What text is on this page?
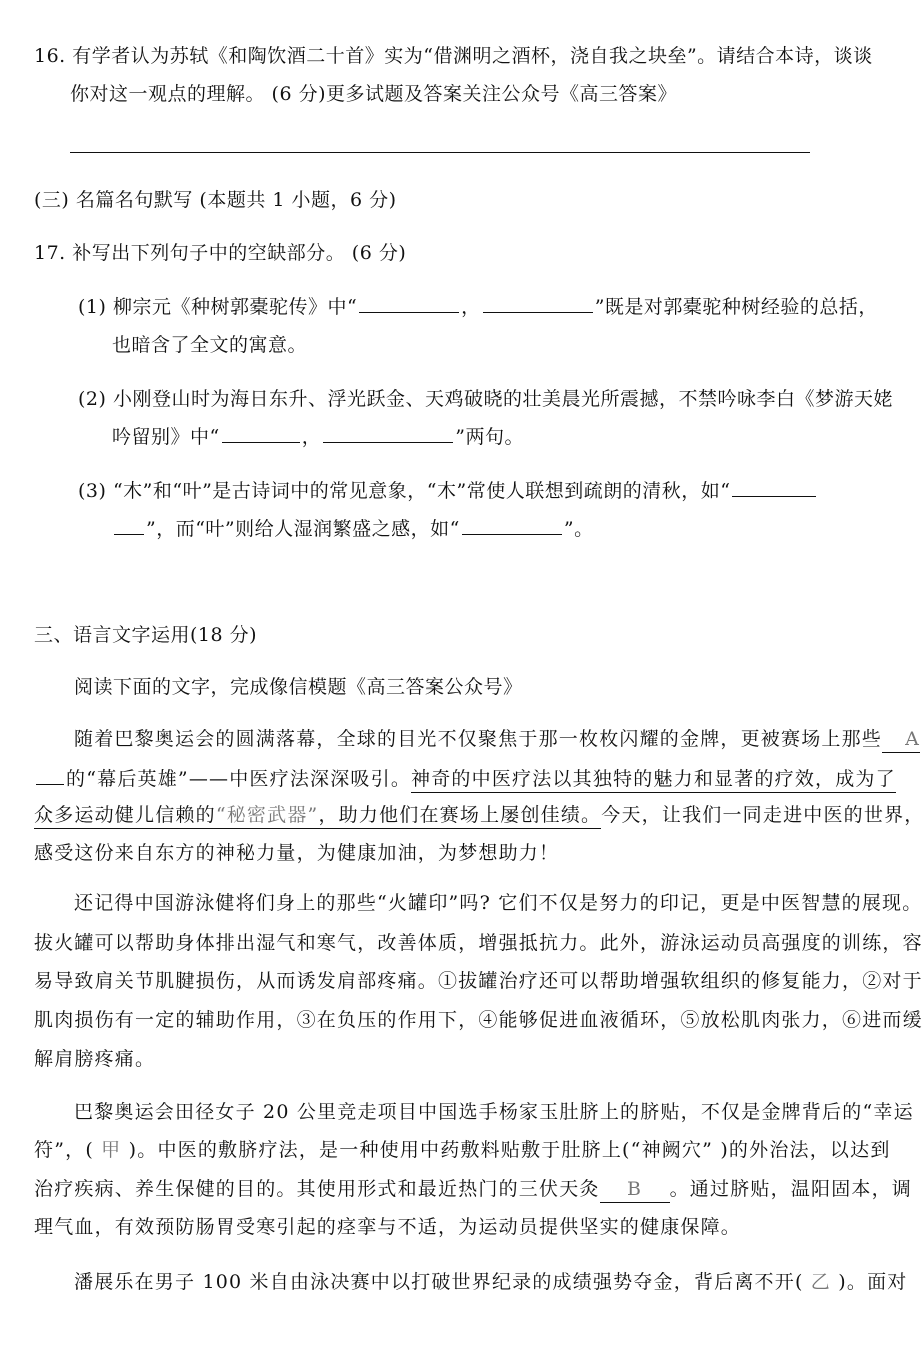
16. 有学者认为苏轼《和陶饮酒二十首》实为“借渊明之酒杯，浇自我之块垒”。请结合本诗，谈谈
你对这一观点的理解。 (6 分)更多试题及答案关注公众号《高三答案》
(三) 名篇名句默写 (本题共 1 小题，6 分)
17. 补写出下列句子中的空缺部分。 (6 分)
(1) 柳宗元《种树郭橐驼传》中“	，	”既是对郭橐驼种树经验的总括，
也暗含了全文的寓意。
(2) 小刚登山时为海日东升、浮光跃金、天鸡破晓的壮美晨光所震撼，不禁吟咏李白《梦游天姥
吟留别》中“	，	”两句。
(3) “木”和“叶”是古诗词中的常见意象，“木”常使人联想到疏朗的清秋，如“
”，而“叶”则给人湿润繁盛之感，如“	”。
三、语言文字运用(18 分)
阅读下面的文字，完成像信模题《高三答案公众号》
随着巴黎奥运会的圆满落幕，全球的目光不仅聚焦于那一枚枚闪耀的金牌，更被赛场上那些 A
的“幕后英雄”——中医疗法深深吸引。神奇的中医疗法以其独特的魅力和显著的疗效，成为了
众多运动健儿信赖的“秘密武器”，助力他们在赛场上屡创佳绩。今天，让我们一同走进中医的世界，
感受这份来自东方的神秘力量，为健康加油，为梦想助力！
还记得中国游泳健将们身上的那些“火罐印”吗? 它们不仅是努力的印记，更是中医智慧的展现。
拔火罐可以帮助身体排出湿气和寒气，改善体质，增强抵抗力。此外，游泳运动员高强度的训练，容
易导致肩关节肌腱损伤，从而诱发肩部疼痛。①拔罐治疗还可以帮助增强软组织的修复能力，②对于
肌肉损伤有一定的辅助作用，③在负压的作用下，④能够促进血液循环，⑤放松肌肉张力，⑥进而缓
解肩膀疼痛。
巴黎奥运会田径女子 20 公里竞走项目中国选手杨家玉肚脐上的脐贴，不仅是金牌背后的“幸运
符”，( 甲 )。中医的敷脐疗法，是一种使用中药敷料贴敷于肚脐上(“神阙穴” )的外治法，以达到
治疗疾病、养生保健的目的。其使用形式和最近热门的三伏天灸 B 。通过脐贴，温阳固本，调
理气血，有效预防肠胃受寒引起的痉挛与不适，为运动员提供坚实的健康保障。
潘展乐在男子 100 米自由泳决赛中以打破世界纪录的成绩强势夺金，背后离不开( 乙 )。面对
